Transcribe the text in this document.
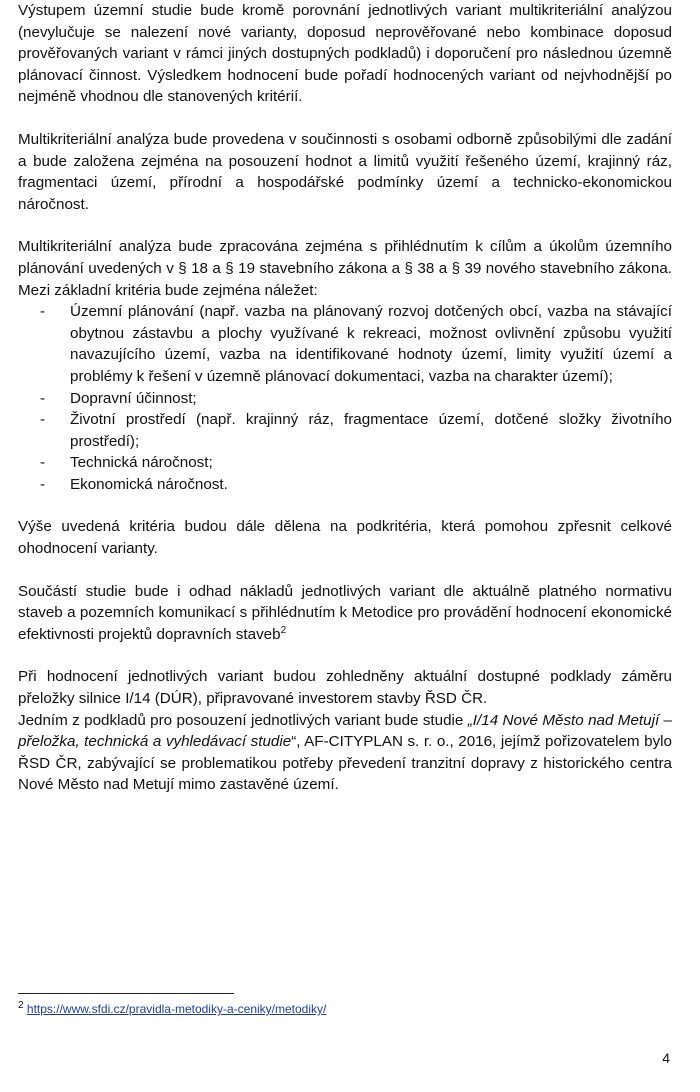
Výstupem územní studie bude kromě porovnání jednotlivých variant multikriteriální analýzou (nevylučuje se nalezení nové varianty, doposud neprověřované nebo kombinace doposud prověřovaných variant v rámci jiných dostupných podkladů) i doporučení pro následnou územně plánovací činnost. Výsledkem hodnocení bude pořadí hodnocených variant od nejvhodnější po nejméně vhodnou dle stanovených kritérií.

Multikriteriální analýza bude provedena v součinnosti s osobami odborně způsobilými dle zadání a bude založena zejména na posouzení hodnot a limitů využití řešeného území, krajinný ráz, fragmentaci území, přírodní a hospodářské podmínky území a technicko-ekonomickou náročnost.

Multikriteriální analýza bude zpracována zejména s přihlédnutím k cílům a úkolům územního plánování uvedených v § 18 a § 19 stavebního zákona a § 38 a § 39 nového stavebního zákona. Mezi základní kritéria bude zejména náležet:

- Územní plánování (např. vazba na plánovaný rozvoj dotčených obcí, vazba na stávající obytnou zástavbu a plochy využívané k rekreaci, možnost ovlivnění způsobu využití navazujícího území, vazba na identifikované hodnoty území, limity využití území a problémy k řešení v územně plánovací dokumentaci, vazba na charakter území);
- Dopravní účinnost;
- Životní prostředí (např. krajinný ráz, fragmentace území, dotčené složky životního prostředí);
- Technická náročnost;
- Ekonomická náročnost.

Výše uvedená kritéria budou dále dělena na podkritéria, která pomohou zpřesnit celkové ohodnocení varianty.

Součástí studie bude i odhad nákladů jednotlivých variant dle aktuálně platného normativu staveb a pozemních komunikací s přihlédnutím k Metodice pro provádění hodnocení ekonomické efektivnosti projektů dopravních staveb$^2$

Při hodnocení jednotlivých variant budou zohledněny aktuální dostupné podklady záměru přeložky silnice I/14 (DÚR), připravované investorem stavby ŘSD ČR.

Jedním z podkladů pro posouzení jednotlivých variant bude studie „I/14 Nové Město nad Metují – přeložka, technická a vyhledávací studie“, AF-CITYPLAN s. r. o., 2016, jejímž pořizovatelem bylo ŘSD ČR, zabývající se problematikou potřeby převedení tranzitní dopravy z historického centra Nové Město nad Metují mimo zastavěné území.

$^2$ https://www.sfdi.cz/pravidla-metodiky-a-ceniky/metodiky/
4
